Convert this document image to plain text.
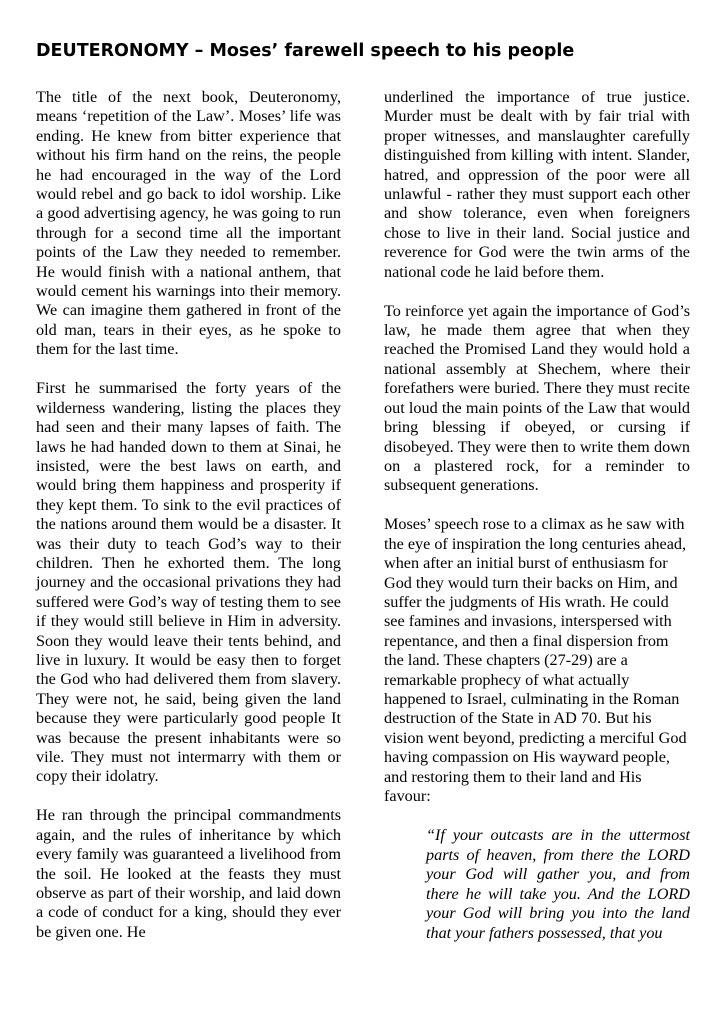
DEUTERONOMY – Moses’ farewell speech to his people

The title of the next book, Deuteronomy, means ‘repetition of the Law’. Moses’ life was ending. He knew from bitter experience that without his firm hand on the reins, the people he had encouraged in the way of the Lord would rebel and go back to idol worship. Like a good advertising agency, he was going to run through for a second time all the important points of the Law they needed to remember. He would finish with a national anthem, that would cement his warnings into their memory. We can imagine them gathered in front of the old man, tears in their eyes, as he spoke to them for the last time.

First he summarised the forty years of the wilderness wandering, listing the places they had seen and their many lapses of faith. The laws he had handed down to them at Sinai, he insisted, were the best laws on earth, and would bring them happiness and prosperity if they kept them. To sink to the evil practices of the nations around them would be a disaster. It was their duty to teach God’s way to their children. Then he exhorted them. The long journey and the occasional privations they had suffered were God’s way of testing them to see if they would still believe in Him in adversity. Soon they would leave their tents behind, and live in luxury. It would be easy then to forget the God who had delivered them from slavery. They were not, he said, being given the land because they were particularly good people It was because the present inhabitants were so vile. They must not intermarry with them or copy their idolatry.

He ran through the principal commandments again, and the rules of inheritance by which every family was guaranteed a livelihood from the soil. He looked at the feasts they must observe as part of their worship, and laid down a code of conduct for a king, should they ever be given one. He

underlined the importance of true justice. Murder must be dealt with by fair trial with proper witnesses, and manslaughter carefully distinguished from killing with intent. Slander, hatred, and oppression of the poor were all unlawful - rather they must support each other and show tolerance, even when foreigners chose to live in their land. Social justice and reverence for God were the twin arms of the national code he laid before them.

To reinforce yet again the importance of God’s law, he made them agree that when they reached the Promised Land they would hold a national assembly at Shechem, where their forefathers were buried. There they must recite out loud the main points of the Law that would bring blessing if obeyed, or cursing if disobeyed. They were then to write them down on a plastered rock, for a reminder to subsequent generations.

Moses’ speech rose to a climax as he saw with the eye of inspiration the long centuries ahead, when after an initial burst of enthusiasm for God they would turn their backs on Him, and suffer the judgments of His wrath. He could see famines and invasions, interspersed with repentance, and then a final dispersion from the land. These chapters (27-29) are a remarkable prophecy of what actually happened to Israel, culminating in the Roman destruction of the State in AD 70. But his vision went beyond, predicting a merciful God having compassion on His wayward people, and restoring them to their land and His favour:

“If your outcasts are in the uttermost parts of heaven, from there the LORD your God will gather you, and from there he will take you. And the LORD your God will bring you into the land that your fathers possessed, that you
